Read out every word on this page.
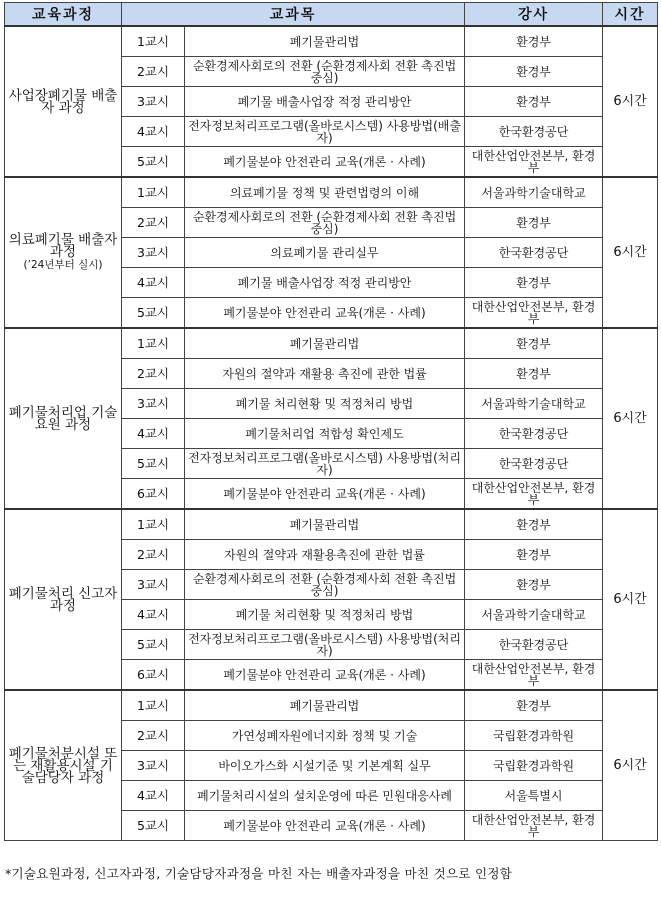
교육과정	교과목		강사	시간
사업장폐기물 배출자 과정	1교시	폐기물관리법	환경부	6시간
	2교시	순환경제사회로의 전환 (순환경제사회 전환 촉진법 중심)	환경부	
	3교시	폐기물 배출사업장 적정 관리방안	환경부	
	4교시	전자정보처리프로그램(올바로시스템) 사용방법(배출자)	한국환경공단	
	5교시	폐기물분야 안전관리 교육(개론 · 사례)	대한산업안전본부, 환경부	
의료폐기물 배출자 과정
(’24년부터 실시)	1교시	의료폐기물 정책 및 관련법령의 이해	서울과학기술대학교	6시간
	2교시	순환경제사회로의 전환 (순환경제사회 전환 촉진법 중심)	환경부	
	3교시	의료폐기물 관리실무	한국환경공단	
	4교시	폐기물 배출사업장 적정 관리방안	환경부	
	5교시	폐기물분야 안전관리 교육(개론 · 사례)	대한산업안전본부, 환경부	
폐기물처리업 기술요원 과정	1교시	폐기물관리법	환경부	6시간
	2교시	자원의 절약과 재활용 촉진에 관한 법률	환경부	
	3교시	폐기물 처리현황 및 적정처리 방법	서울과학기술대학교	
	4교시	폐기물처리업 적합성 확인제도	한국환경공단	
	5교시	전자정보처리프로그램(올바로시스템) 사용방법(처리자)	한국환경공단	
	6교시	폐기물분야 안전관리 교육(개론 · 사례)	대한산업안전본부, 환경부	
폐기물처리 신고자 과정	1교시	폐기물관리법	환경부	6시간
	2교시	자원의 절약과 재활용촉진에 관한 법률	환경부	
	3교시	순환경제사회로의 전환 (순환경제사회 전환 촉진법 중심)	환경부	
	4교시	폐기물 처리현황 및 적정처리 방법	서울과학기술대학교	
	5교시	전자정보처리프로그램(올바로시스템) 사용방법(처리자)	한국환경공단	
	6교시	폐기물분야 안전관리 교육(개론 · 사례)	대한산업안전본부, 환경부	
폐기물처분시설 또는 재활용시설 기술담당자 과정	1교시	폐기물관리법	환경부	6시간
	2교시	가연성폐자원에너지화 정책 및 기술	국립환경과학원	
	3교시	바이오가스화 시설기준 및 기본계획 실무	국립환경과학원	
	4교시	폐기물처리시설의 설치운영에 따른 민원대응사례	서울특별시	
	5교시	폐기물분야 안전관리 교육(개론 · 사례)	대한산업안전본부, 환경부	
*기술요원과정, 신고자과정, 기술담당자과정을 마친 자는 배출자과정을 마친 것으로 인정함
